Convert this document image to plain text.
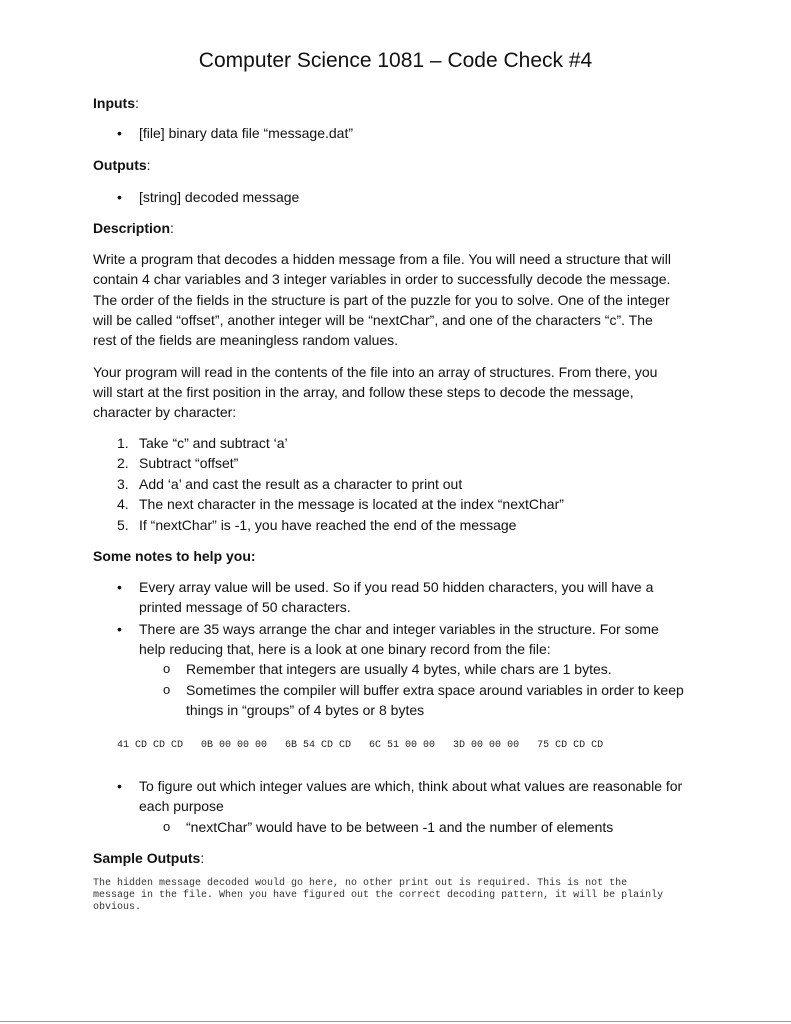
Computer Science 1081 – Code Check #4
Inputs:
• [file] binary data file “message.dat”
Outputs:
• [string] decoded message
Description:
Write a program that decodes a hidden message from a file. You will need a structure that will
contain 4 char variables and 3 integer variables in order to successfully decode the message.
The order of the fields in the structure is part of the puzzle for you to solve. One of the integer
will be called “offset”, another integer will be “nextChar”, and one of the characters “c”. The
rest of the fields are meaningless random values.
Your program will read in the contents of the file into an array of structures. From there, you
will start at the first position in the array, and follow these steps to decode the message,
character by character:
1. Take “c” and subtract ‘a’
2. Subtract “offset”
3. Add ‘a’ and cast the result as a character to print out
4. The next character in the message is located at the index “nextChar”
5. If “nextChar” is -1, you have reached the end of the message
Some notes to help you:
• Every array value will be used. So if you read 50 hidden characters, you will have a
printed message of 50 characters.
• There are 35 ways arrange the char and integer variables in the structure. For some
help reducing that, here is a look at one binary record from the file:
o Remember that integers are usually 4 bytes, while chars are 1 bytes.
o Sometimes the compiler will buffer extra space around variables in order to keep
things in “groups” of 4 bytes or 8 bytes
41 CD CD CD   0B 00 00 00   6B 54 CD CD   6C 51 00 00   3D 00 00 00   75 CD CD CD
• To figure out which integer values are which, think about what values are reasonable for
each purpose
o “nextChar” would have to be between -1 and the number of elements
Sample Outputs:
The hidden message decoded would go here, no other print out is required. This is not the
message in the file. When you have figured out the correct decoding pattern, it will be plainly
obvious.
